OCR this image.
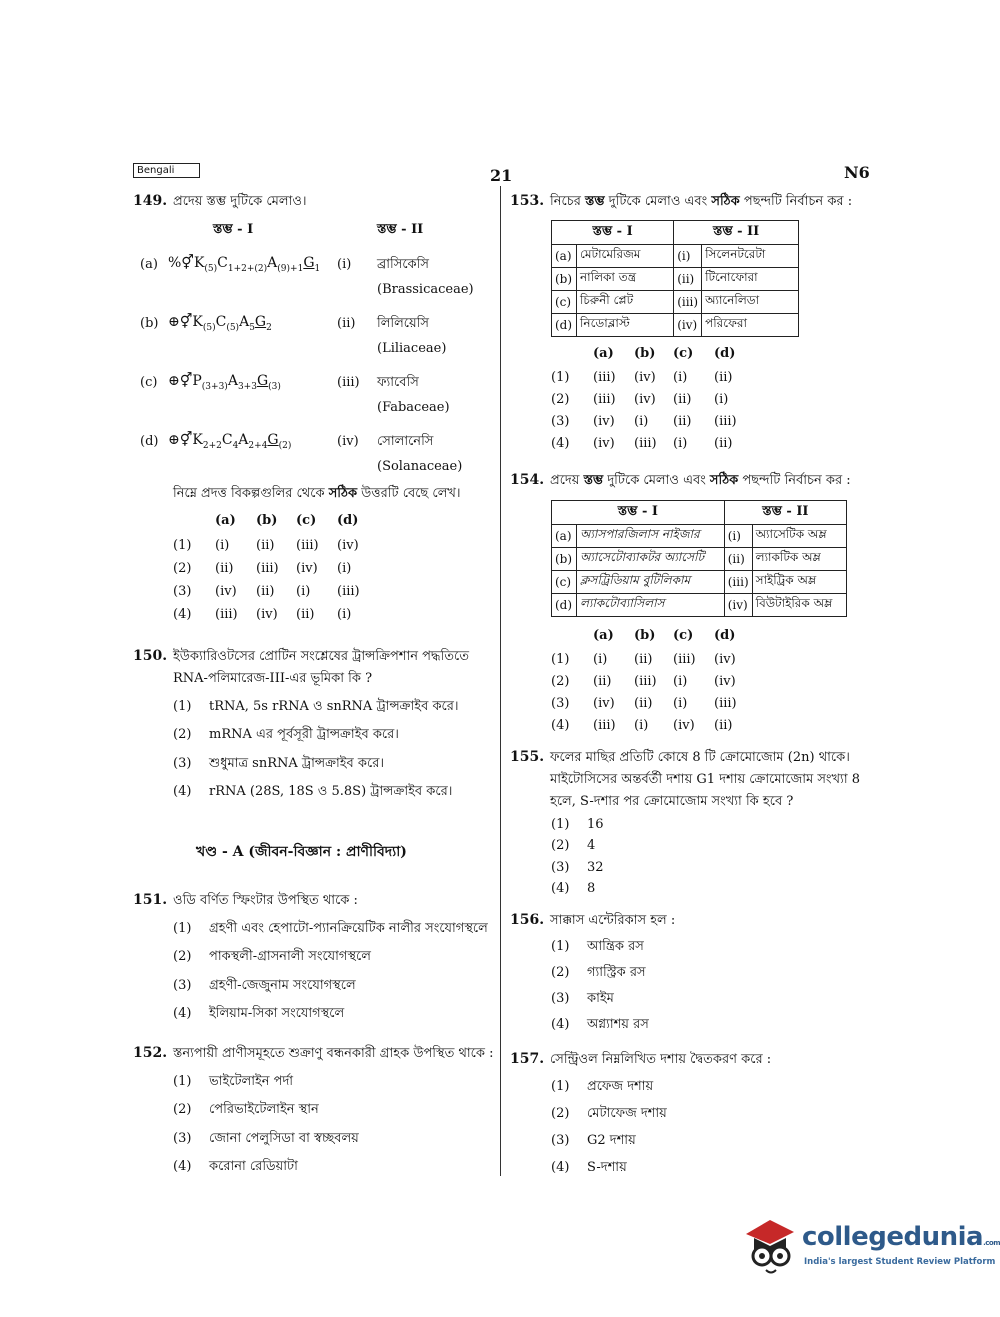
Bengali	21	N6
149. প্রদেয় স্তম্ভ দুটিকে মেলাও।
স্তম্ভ - I	স্তম্ভ - II
(a) $\%⚥K_{(5)}C_{1+2+(2)}A_{(9)+1}G_1$ (i) ব্রাসিকেসি
(Brassicaceae)
(b) $\oplus⚥K_{(5)}C_{(5)}A_5G_2$	(ii) লিলিয়েসি
(Liliaceae)
(c) $\oplus⚥P_{(3+3)}A_{3+3}G_{(3)}$	(iii) ফ্যাবেসি
(Fabaceae)
(d) $\oplus⚥K_{2+2}C_4A_{2+4}G_{(2)}$	(iv) সোলানেসি
(Solanaceae)
নিম্নে প্রদত্ত বিকল্পগুলির থেকে সঠিক উত্তরটি বেছে লেখ।
(a) (b) (c) (d)
(1) (i) (ii) (iii) (iv)
(2) (ii) (iii) (iv) (i)
(3) (iv) (ii) (i) (iii)
(4) (iii) (iv) (ii) (i)
150. ইউক্যারিওটসের প্রোটিন সংশ্লেষের ট্রান্সক্রিপশান পদ্ধতিতে
RNA-পলিমারেজ-III-এর ভূমিকা কি ?
(1) tRNA, 5s rRNA ও snRNA ট্রান্সক্রাইব করে।
(2) mRNA এর পূর্বসূরী ট্রান্সক্রাইব করে।
(3) শুধুমাত্র snRNA ট্রান্সক্রাইব করে।
(4) rRNA (28S, 18S ও 5.8S) ট্রান্সক্রাইব করে।
খণ্ড - A (জীবন-বিজ্ঞান : প্রাণীবিদ্যা)
151. ওডি বর্ণিত স্ফিংটার উপস্থিত থাকে :
(1) গ্রহণী এবং হেপাটো-প্যানক্রিয়েটিক নালীর সংযোগস্থলে
(2) পাকস্থলী-গ্রাসনালী সংযোগস্থলে
(3) গ্রহণী-জেজুনাম সংযোগস্থলে
(4) ইলিয়াম-সিকা সংযোগস্থলে
152. স্তন্যপায়ী প্রাণীসমূহতে শুক্রাণু বন্ধনকারী গ্রাহক উপস্থিত থাকে :
(1) ভাইটেলাইন পর্দা
(2) পেরিভাইটেলাইন স্থান
(3) জোনা পেলুসিডা বা স্বচ্ছবলয়
(4) করোনা রেডিয়াটা
153. নিচের স্তম্ভ দুটিকে মেলাও এবং সঠিক পছন্দটি নির্বাচন কর :
স্তম্ভ - I		স্তম্ভ - II	
(a)	মেটামেরিজম	(i)	সিলেনটরেটা
(b)	নালিকা তন্ত্র	(ii)	টিনোফোরা
(c)	চিরুনী প্লেট	(iii)	অ্যানেলিডা
(d)	নিডোব্লাস্ট	(iv)	পরিফেরা
(a) (b) (c) (d)
(1) (iii) (iv) (i) (ii)
(2) (iii) (iv) (ii) (i)
(3) (iv) (i) (ii) (iii)
(4) (iv) (iii) (i) (ii)
154. প্রদেয় স্তম্ভ দুটিকে মেলাও এবং সঠিক পছন্দটি নির্বাচন কর :
স্তম্ভ - I		স্তম্ভ - II	
(a)	অ্যাসপারজিলাস নাইজার	(i)	অ্যাসেটিক অম্ল
(b)	অ্যাসেটোব্যাকটর অ্যাসেটি	(ii)	ল্যাকটিক অম্ল
(c)	ক্লসট্রিডিয়াম বুটিলিকাম	(iii)	সাইট্রিক অম্ল
(d)	ল্যাকটোব্যাসিলাস	(iv)	বিউটাইরিক অম্ল
(a) (b) (c) (d)
(1) (i) (ii) (iii) (iv)
(2) (ii) (iii) (i) (iv)
(3) (iv) (ii) (i) (iii)
(4) (iii) (i) (iv) (ii)
155. ফলের মাছির প্রতিটি কোষে 8 টি ক্রোমোজোম (2n) থাকে।
মাইটোসিসের অন্তর্বর্তী দশায় G1 দশায় ক্রোমোজোম সংখ্যা 8
হলে, S-দশার পর ক্রোমোজোম সংখ্যা কি হবে ?
(1) 16
(2) 4
(3) 32
(4) 8
156. সাক্কাস এন্টেরিকাস হল :
(1) আন্ত্রিক রস
(2) গ্যাস্ট্রিক রস
(3) কাইম
(4) অগ্ন্যাশয় রস
157. সেন্ট্রিওল নিম্নলিখিত দশায় দ্বৈতকরণ করে :
(1) প্রফেজ দশায়
(2) মেটাফেজ দশায়
(3) G2 দশায়
(4) S-দশায়
collegedunia.com
India's largest Student Review Platform
